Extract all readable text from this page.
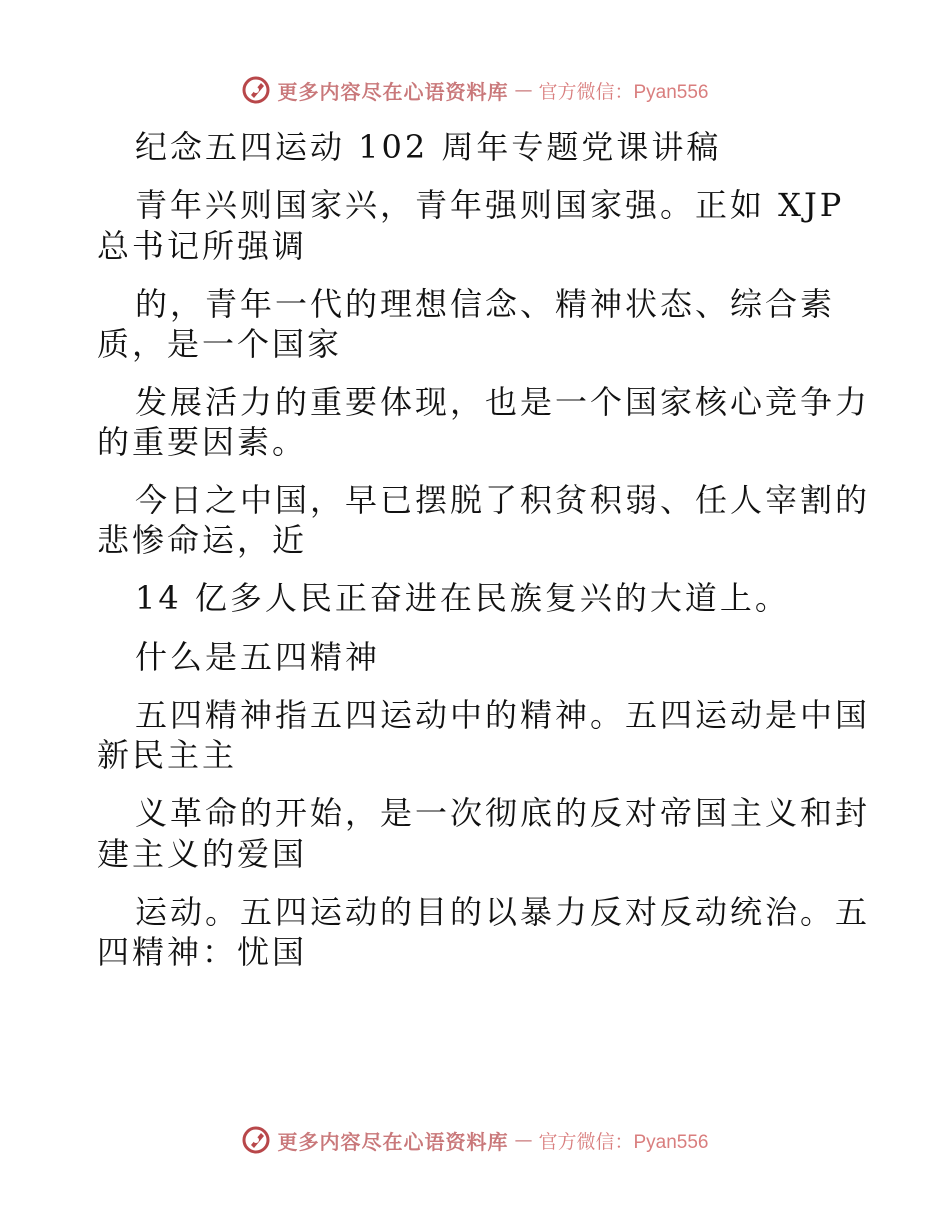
更多内容尽在心语资料库 — 官方微信：Pyan556
纪念五四运动 102 周年专题党课讲稿
青年兴则国家兴，青年强则国家强。正如 XJP
总书记所强调
的，青年一代的理想信念、精神状态、综合素
质，是一个国家
发展活力的重要体现，也是一个国家核心竞争力
的重要因素。
今日之中国，早已摆脱了积贫积弱、任人宰割的
悲惨命运，近
14 亿多人民正奋进在民族复兴的大道上。
什么是五四精神
五四精神指五四运动中的精神。五四运动是中国
新民主主
义革命的开始，是一次彻底的反对帝国主义和封
建主义的爱国
运动。五四运动的目的以暴力反对反动统治。五
四精神：忧国
更多内容尽在心语资料库 — 官方微信：Pyan556
